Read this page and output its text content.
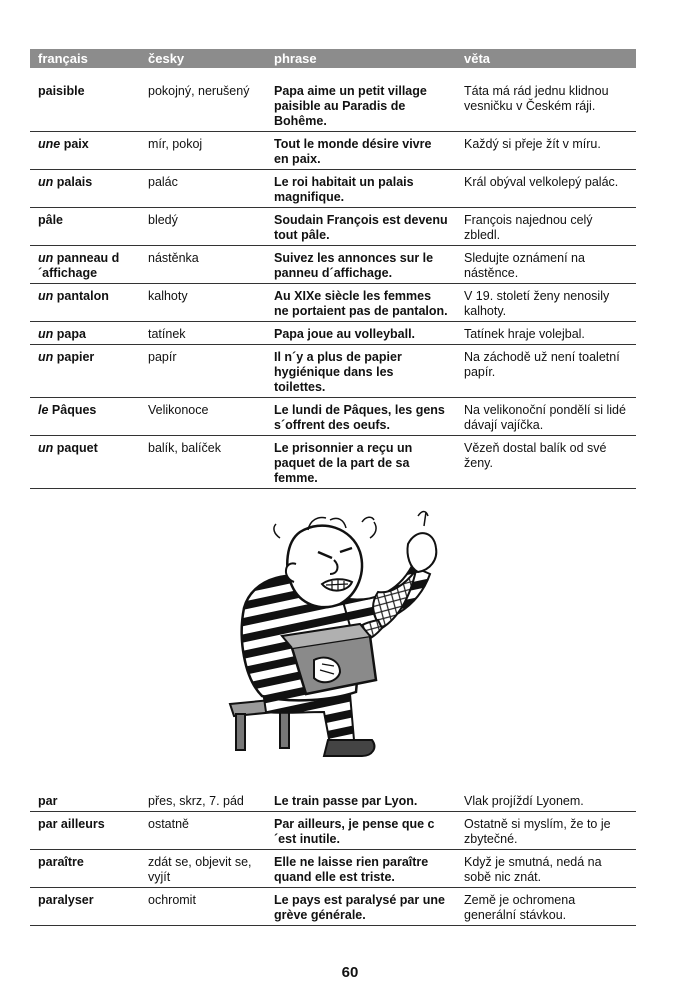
français	česky	phrase	věta
paisible	pokojný, nerušený	Papa aime un petit village paisible au Paradis de Bohême.	Táta má rád jednu klidnou vesničku v Českém ráji.
une paix	mír, pokoj	Tout le monde désire vivre en paix.	Každý si přeje žít v míru.
un palais	palác	Le roi habitait un palais magnifique.	Král obýval velkolepý palác.
pâle	bledý	Soudain François est devenu tout pâle.	François najednou celý zbledl.
un panneau d´affichage	nástěnka	Suivez les annonces sur le panneu d´affichage.	Sledujte oznámení na nástěnce.
un pantalon	kalhoty	Au XIXe siècle les femmes ne portaient pas de pantalon.	V 19. století ženy nenosily kalhoty.
un papa	tatínek	Papa joue au volleyball.	Tatínek hraje volejbal.
un papier	papír	Il n´y a plus de papier hygiénique dans les toilettes.	Na záchodě už není toaletní papír.
le Pâques	Velikonoce	Le lundi de Pâques, les gens s´offrent des oeufs.	Na velikonoční pondělí si lidé dávají vajíčka.
un paquet	balík, balíček	Le prisonnier a reçu un paquet de la part de sa femme.	Vězeň dostal balík od své ženy.
par	přes, skrz, 7. pád	Le train passe par Lyon.	Vlak projíždí Lyonem.
par ailleurs	ostatně	Par ailleurs, je pense que c´est inutile.	Ostatně si myslím, že to je zbytečné.
paraître	zdát se, objevit se, vyjít	Elle ne laisse rien paraître quand elle est triste.	Když je smutná, nedá na sobě nic znát.
paralyser	ochromit	Le pays est paralysé par une grève générale.	Země je ochromena generální stávkou.
60
